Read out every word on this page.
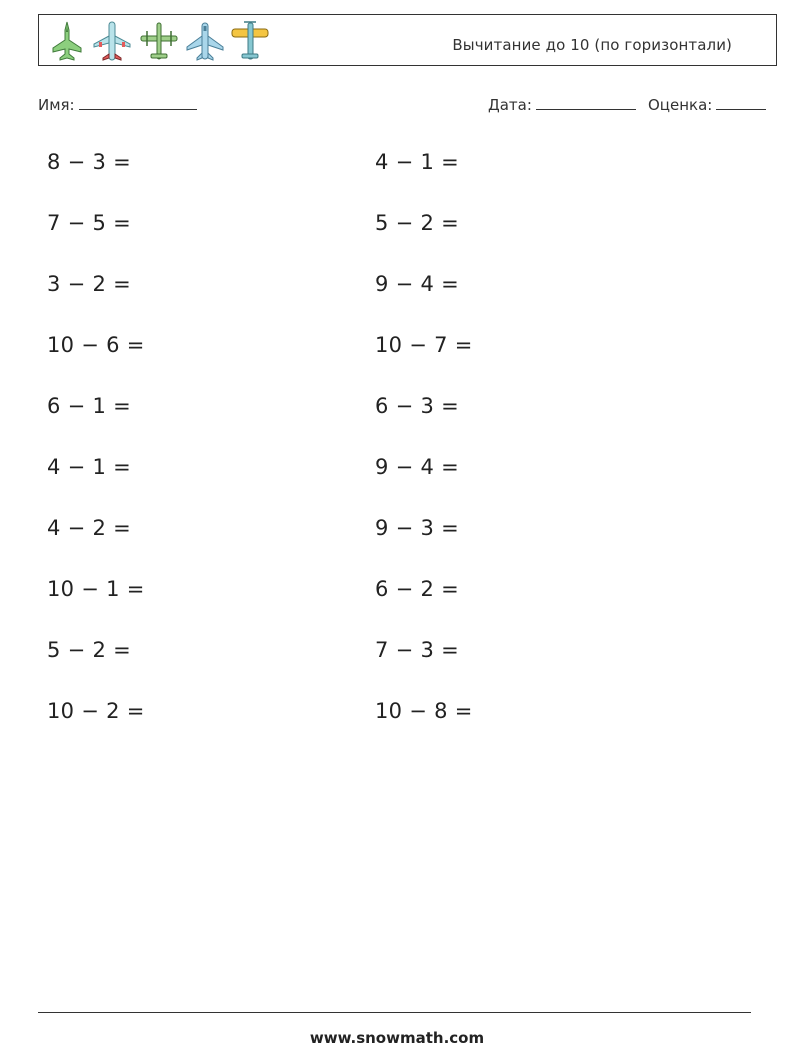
Вычитание до 10 (по горизонтали)
Имя:	Дата:	Оценка:
8 − 3 =
7 − 5 =
3 − 2 =
10 − 6 =
6 − 1 =
4 − 1 =
4 − 2 =
10 − 1 =
5 − 2 =
10 − 2 =
4 − 1 =
5 − 2 =
9 − 4 =
10 − 7 =
6 − 3 =
9 − 4 =
9 − 3 =
6 − 2 =
7 − 3 =
10 − 8 =
www.snowmath.com
